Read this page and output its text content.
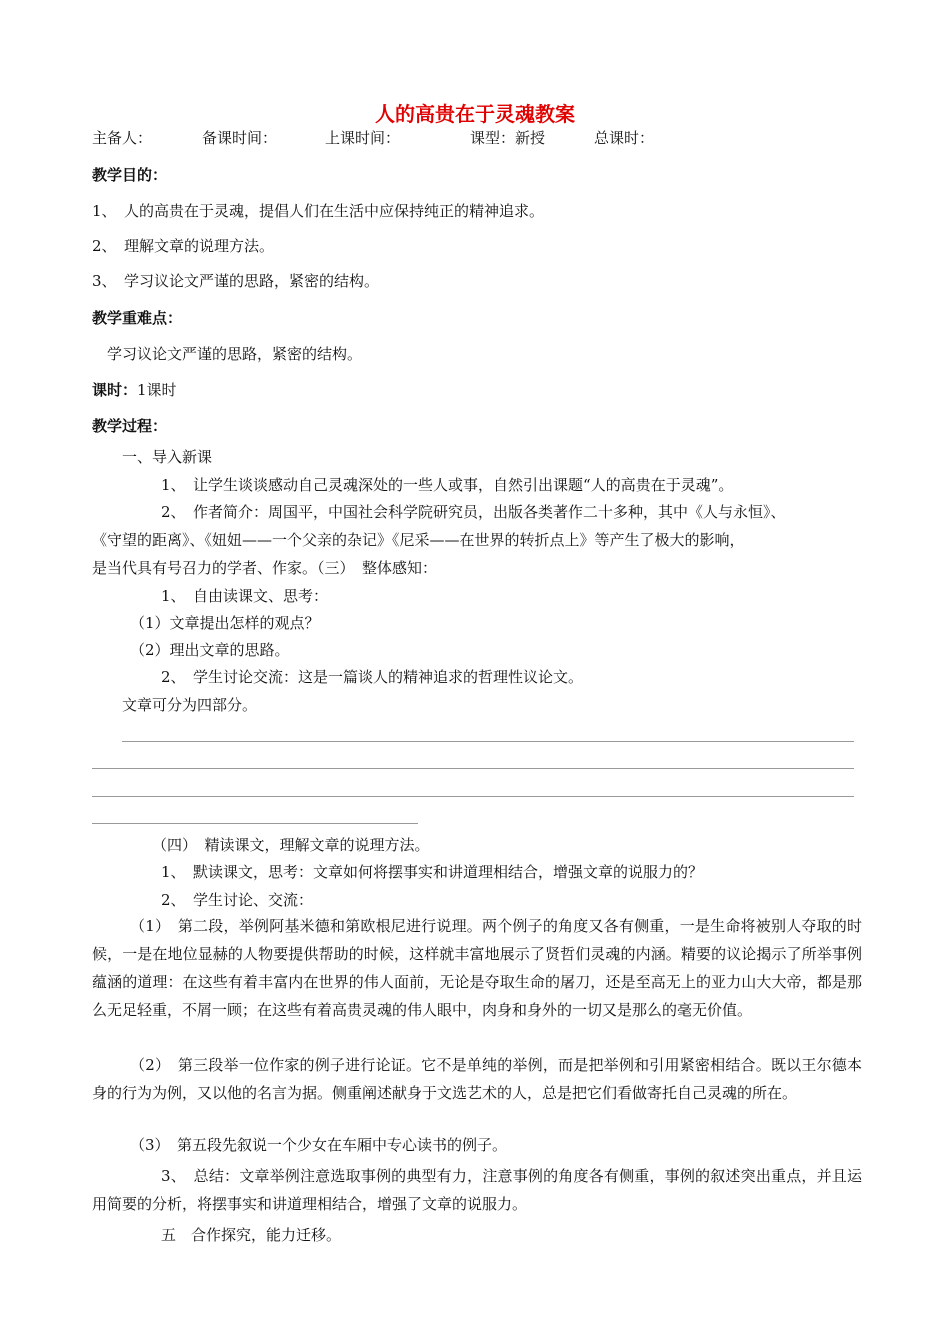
人的高贵在于灵魂教案
主备人：	备课时间：	上课时间：	课型：新授	总课时：
教学目的：
1、　人的高贵在于灵魂，提倡人们在生活中应保持纯正的精神追求。
2、　理解文章的说理方法。
3、　学习议论文严谨的思路，紧密的结构。
教学重难点：
学习议论文严谨的思路，紧密的结构。
课时：1课时
教学过程：
一、导入新课
1、　让学生谈谈感动自己灵魂深处的一些人或事，自然引出课题“人的高贵在于灵魂”。
2、　作者简介：周国平，中国社会科学院研究员，出版各类著作二十多种，其中《人与永恒》、
《守望的距离》、《妞妞——一个父亲的杂记》《尼采——在世界的转折点上》等产生了极大的影响，
是当代具有号召力的学者、作家。（三）　整体感知：
1、　自由读课文、思考：
（1）文章提出怎样的观点？
（2）理出文章的思路。
2、　学生讨论交流：这是一篇谈人的精神追求的哲理性议论文。
文章可分为四部分。
（四）　精读课文，理解文章的说理方法。
1、　默读课文，思考：文章如何将摆事实和讲道理相结合，增强文章的说服力的？
2、　学生讨论、交流：
（1）　第二段，举例阿基米德和第欧根尼进行说理。两个例子的角度又各有侧重，一是生命将被别人夺取的时候，一是在地位显赫的人物要提供帮助的时候，这样就丰富地展示了贤哲们灵魂的内涵。精要的议论揭示了所举事例蕴涵的道理：在这些有着丰富内在世界的伟人面前，无论是夺取生命的屠刀，还是至高无上的亚力山大大帝，都是那么无足轻重，不屑一顾；在这些有着高贵灵魂的伟人眼中，肉身和身外的一切又是那么的毫无价值。
（2）　第三段举一位作家的例子进行论证。它不是单纯的举例，而是把举例和引用紧密相结合。既以王尔德本身的行为为例，又以他的名言为据。侧重阐述献身于文选艺术的人，总是把它们看做寄托自己灵魂的所在。
（3）　第五段先叙说一个少女在车厢中专心读书的例子。
3、　总结：文章举例注意选取事例的典型有力，注意事例的角度各有侧重，事例的叙述突出重点，并且运用简要的分析，将摆事实和讲道理相结合，增强了文章的说服力。
五　合作探究，能力迁移。
